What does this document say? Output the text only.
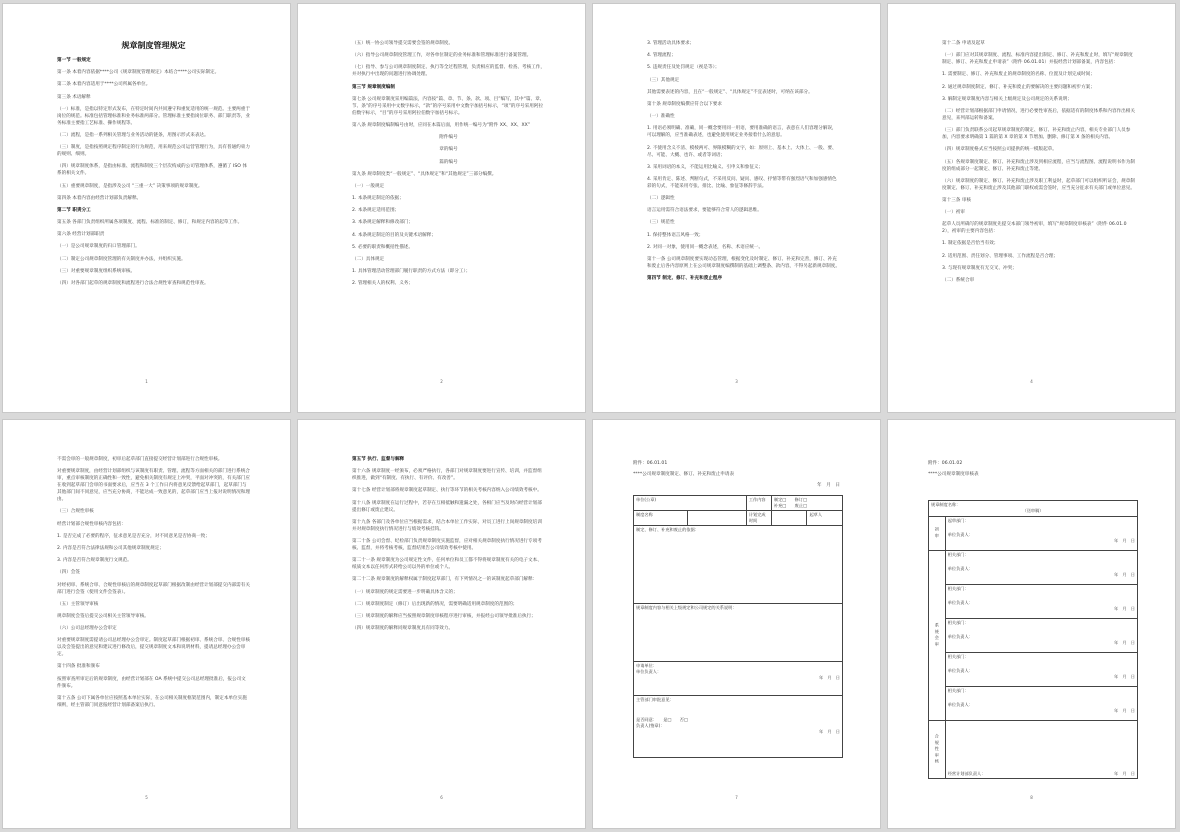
规章制度管理规定
第一节 一般规定
第一条 本着内容依据****公司《规章制度管理规定》本结合****公司实际制定。
第二条 本着内容适用于****公司所属各单位。
第三条 术语解释
（一）标准，是指以特定形式发布，在特定时间内共同遵守和重复适用的统一规范。主要两重于岗位的规范。标准包括管理标准和业务标准两部分。管理标准主要指岗位职务、部门职责等，业务标准主要指工艺标准、操作规程等。
（二）流程，是指一系列相关管理与业务活动的链条，用图示形式来表达。
（三）制度，是指按照规定程序制定的行为规范，用来规范公司运营管理行为，具有普通约束力的规则、细则。
（四）规章制度体系，是指由标准、流程和制度三个层次构成的公司管理体系，遵循了 ISO 体系的相关文件。
（五）重要规章制度，是指涉及公司 “三重一大” 决策事项的规章制度。
第四条 本着内容由经营计划部负责解释。
第二节 职责分工
第五条 各部门负责组织所属各项制度、流程、标准的制定、修订，和规定内容的起草工作。
第六条 经营计划部职责
（一）是公司规章制度的归口管理部门。
（二）制定公司规章制度管理的有关制度并办法，并组织实施。
（三）对重要规章制度组织系统审核。
（四）对各部门起草的规章制度和流程进行合法合规性审查和规范性审查。
1
（五）统一协公司领导提交需要会签的规章制度。
（六）指导公司规章制度管理工作，对各单位制定的业务标准和管理标准进行备案管理。
（七）指导、参与公司规章制度制定、执行等全过程管理，负责相应的监督、检查、考核工作，并对执行中出现的问题进行协调处理。
第三节 规章制度编制
第七条 公司规章制度采用编篇法，内容按“篇、章、节、条、款、项、目”编写，其中“篇、章、节、条”的序号采用中文数字标示，“款”的序号采用中文数字加括号标示，“项”的序号采用阿拉伯数字标示，“目”的序号采用阿拉伯数字加括号标示。
第八条 规章制度编制编号由时，应同在本篇后面，用作统一编号为“附件 XX、XX、XX”
附件编号
章的编号
篇的编号
第九条 规章制度类“一般规定”、“具体规定”和“其他规定”三部分编撰。
（一）一般规定
1. 本条规定制定的依据；
2. 本条规定适用范围；
3. 本条规定解释和修改部门；
4. 本条规定制定的目的及关键术语解释；
5. 必要的职责和概括性描述。
（二）具体规定
1. 具体管理活动管理部门履行职责的方式方法（即分工）；
2. 管理相关人的权利、义务；
2
3. 管理活动具体要求；
4. 管理流程；
5. 违规责任及处罚规定（视是等）；
（三）其他规定
其他需要表述的内容，且在“一般规定”、“具体规定”不宜表述时，可纳在该部分。
第十条 规章制度编撰应符合以下要求
（一）准确性
1. 用语必须明确、准确，同一概念要用同一用语，要用准确的语言，表意在人们容理分解误，可以理解的，应当准确表述，也避免使用规定业务接着什么的意思。
2. 不使用含义不清、模棱两可、界限模糊的文字，如：原则上、基本上、大体上、一般、要、尽、可能、大概、也许、或者等词语；
3. 采用词语的本义，不能运用比喻义、引申义和象征义；
4. 采用肯定、陈述、判断句式，不采用反问、疑问、感叹、抒情等带有强烈语气和加强感情色彩的句式，不能采用夸张、排比、比喻、象征等修辞手法。
（二）逻辑性
语言运用需符合语法要求，要能够符合常人的逻辑思维。
（三）规范性
1. 保持整体语言风格一致；
2. 对同一对象，使用同一概念表述，名称、术语应统一。
第十一条 公司规章制度要实现动态管理，根据变化及时制定、修订、补充和完善，修订、补充和废止后各内容原则上在公司规章制度编撰制的基础上调整条、款内容，不得另起新规章制度。
第四节 制定、修订、补充和废止程序
3
第十二条 申请及起草
（一）部门应对其规章制度、流程、标准内容提出制定、修订、补充和废止时，填写“规章制度制定、修订、补充和废止申请表”（附件 06.01.01）并报经营计划部备案，内容包括：
1. 需要制定、修订、补充和废止的规章制度的名称、位置及计划完成时间；
2. 通过规章制度制定、修订、补充和废止的要解决的主要问题和初步方案；
3. 解制定规章制度内容与相关上级规定及公司规定的关系说明；
（二）经营计划部根据部门申请情况，进行必要性审查后，依据适有的制度体系和内容作出相关意见，来列部运转和备案。
（三）部门负责联系公司起草规章制度的制定、修订、补充和废止内容，相关专业部门人员参加，内容要求明确第 1 篇的第 X 章的第 X 节增加、删除、修订第 X 条的相关内容。
（四）规章制度格式应当按照公司提供的统一模版起草。
（五）各规章制度制定、修订、补充和废止涉及到相应流程，应当与流程图、流程说明书作为制度的组成部分一起制定、修订、补充和废止等建。
（六）规章制度的制定、修订、补充和废止涉及职工利益时，起草部门可以组织听证会，规章制度制定、修订、补充和废止涉及其他部门职权或需会签时，应当充分征求有关部门或单位意见。
第十三条 审核
（一）初审
起草人员所确写的规章制度先提交本部门领导初审，填写“规章制度审核表”（附件 06.01.02），初审的主要内容包括：
1. 制定依据是否恰当有效；
2. 适用范围、责任划分、管理事项、工作流程是否合理；
3. 与现有规章制度有无交叉、冲突；
（二）系统合审
4
不需会审的一般规章制度，初审后起草部门直接提交经营计划部进行合规性审核。
对重要规章制度，由经营计划部组织与该制度有职责、管理、流程等方面相关的部门进行系统合审，重点审核制度的正确性和一致性，避免相关制度有规定上冲突，平面对冲突的，有关部门应在收到起草部门会审的书面要求后，应当在 3 个工作日内将意见反馈给起草部门，起草部门与其他部门间不同意见，应当充分协商，不能达成一致意见的，起草部门应当上报对说明情况和理由。
（三）合规性审核
经营计划部合规性审核内容包括：
1. 是否完成了必要的程序，征求意见是否充分，对不同意见是否协商一致；
2. 内容是否符合法律法规和公司其他规章制度规定；
3. 内容是否符合规章制度行文规范。
（四）会签
对经初审、系统合审、合规性审核后的规章制度起草部门根据改制由经营计划部提交内部需有关部门进行会签（使用文件会签表）。
（五）主管领导审核
规章制度会签后提交公司相关主管领导审核。
（六）公司总经理办公会审定
对重要规章制度需提请公司总经理办公会审定。制度起草部门根据初审、系统合审、合规性审核以及会签提出的意见和建议进行修改后，提交规章制度文本和说明材料，提请总经理办公会审定。
第十四条 批准和颁布
按照审查所审定后的规章制度，由经营计划部在 OA 系统中提交公司总经理批准后，报公司文件颁布。
第十五条 公司下属各单位应按照基本单位实际，在公司相关制度框架范围内，制定本单位实施细则，经主管部门同意报经营计划部备案后执行。
5
第五节 执行、监督与解释
第十六条 规章制度一经颁布，必须严格执行，各部门对规章制度要进行宣传、培训，并监督组织推进，做到“有制度、有执行、有评价、有改善”。
第十七条 经营计划部将规章制度起草制定、执行等环节的相关考核内容纳入公司绩效考核中。
第十八条 规章制度在运行过程中，若存在互相抵触和遗漏之处，各相门应当及时向经营计划部提出修订或废止建议。
第十九条 各部门及各单位应当根据需求，结合本单位工作实际，对员工进行上岗规章制度培训并对规章制度执行情况进行与绩效考核挂钩。
第二十条 公司会督、纪检部门负责规章制度实施监督，应对相关规章制度执行情况进行专项考核、监督，并将考核考核，监督结果告公司绩效考核中使用。
第二十一条 规章制度为公司规定性文件，任何单位和员工都不得将规章制度有关的电子文本、纸质文本以任何形式转给公司以外的单位或个人。
第二十二条 规章制度的解释权属于制度起草部门，有下列情况之一的该制度起草部门解释：
（一）规章制度的规定需要进一步明确具体含义的；
（二）规章制度制定（修订）后出现新的情况，需要明确适用规章制度的范围的；
（三）规章制度的解释应当按照规章制度审核程序进行审核，并报经公司领导批准后执行；
（四）规章制度的解释同规章制度具有同等效力。
6
附件：06.01.01
****公司规章制度制定、修订、补充和废止申请表
年　月　日
单位(公章)		工作内容	制定□　　修订□
补充□　　废止□	
制度名称		计划完成时间		起草人
制定、修订、补充和废止的依据：				
规章制度内容与相关上级规定和公司规定的关系说明：				

申请单位：
单位负责人：
年　月　日				

主管部门审批意见：
是否同意：　　是□　　否□
负责人(签章)：
年　月　日				
7
附件：06.01.02
****公司规章制度审核表
规章制度名称：
（送审稿）	

初审	起草部门：
单位负责人：
年　月　日

系统会审	相关部门：
单位负责人：
年　月　日

	相关部门：
单位负责人：
年　月　日

	相关部门：
单位负责人：
年　月　日

	相关部门：
单位负责人：
年　月　日

	相关部门：
单位负责人：
年　月　日

合规性审核	经营计划部负责人： 年　月　日
8
